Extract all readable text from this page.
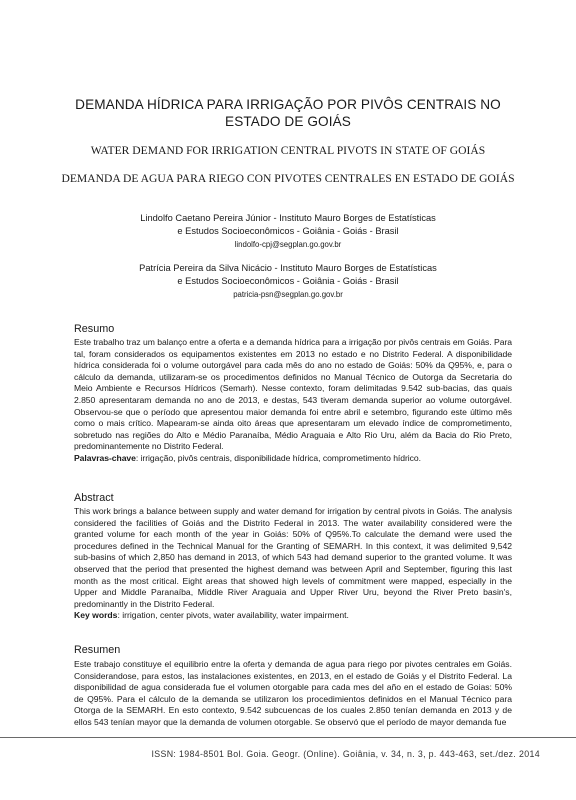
DEMANDA HÍDRICA PARA IRRIGAÇÃO POR PIVÔS CENTRAIS NO ESTADO DE GOIÁS
WATER DEMAND FOR IRRIGATION CENTRAL PIVOTS IN STATE OF GOIÁS
DEMANDA DE AGUA PARA RIEGO CON PIVOTES CENTRALES EN ESTADO DE GOIÁS
Lindolfo Caetano Pereira Júnior - Instituto Mauro Borges de Estatísticas
e Estudos Socioeconômicos - Goiânia - Goiás - Brasil
lindolfo-cpj@segplan.go.gov.br
Patrícia Pereira da Silva Nicácio - Instituto Mauro Borges de Estatísticas
e Estudos Socioeconômicos - Goiânia - Goiás - Brasil
patricia-psn@segplan.go.gov.br
Resumo
Este trabalho traz um balanço entre a oferta e a demanda hídrica para a irrigação por pivôs centrais em Goiás. Para tal, foram considerados os equipamentos existentes em 2013 no estado e no Distrito Federal. A disponibilidade hídrica considerada foi o volume outorgável para cada mês do ano no estado de Goiás: 50% da Q95%, e, para o cálculo da demanda, utilizaram-se os procedimentos definidos no Manual Técnico de Outorga da Secretaria do Meio Ambiente e Recursos Hídricos (Semarh). Nesse contexto, foram delimitadas 9.542 sub-bacias, das quais 2.850 apresentaram demanda no ano de 2013, e destas, 543 tiveram demanda superior ao volume outorgável. Observou-se que o período que apresentou maior demanda foi entre abril e setembro, figurando este último mês como o mais crítico. Mapearam-se ainda oito áreas que apresentaram um elevado índice de comprometimento, sobretudo nas regiões do Alto e Médio Paranaíba, Médio Araguaia e Alto Rio Uru, além da Bacia do Rio Preto, predominantemente no Distrito Federal.
Palavras-chave: irrigação, pivôs centrais, disponibilidade hídrica, comprometimento hídrico.
Abstract
This work brings a balance between supply and water demand for irrigation by central pivots in Goiás. The analysis considered the facilities of Goiás and the Distrito Federal in 2013. The water availability considered were the granted volume for each month of the year in Goiás: 50% of Q95%.To calculate the demand were used the procedures defined in the Technical Manual for the Granting of SEMARH. In this context, it was delimited 9,542 sub-basins of which 2,850 has demand in 2013, of which 543 had demand superior to the granted volume. It was observed that the period that presented the highest demand was between April and September, figuring this last month as the most critical. Eight areas that showed high levels of commitment were mapped, especially in the Upper and Middle Paranaíba, Middle River Araguaia and Upper River Uru, beyond the River Preto basin's, predominantly in the Distrito Federal.
Key words: irrigation, center pivots, water availability, water impairment.
Resumen
Este trabajo constituye el equilibrio entre la oferta y demanda de agua para riego por pivotes centrales em Goiás. Considerandose, para estos, las instalaciones existentes, en 2013, en el estado de Goiás y el Distrito Federal. La disponibilidad de agua considerada fue el volumen otorgable para cada mes del año en el estado de Goias: 50% de Q95%. Para el cálculo de la demanda se utilizaron los procedimientos definidos en el Manual Técnico para Otorga de la SEMARH. En esto contexto, 9.542 subcuencas de los cuales 2.850 tenían demanda en 2013 y de ellos 543 tenían mayor que la demanda de volumen otorgable. Se observó que el período de mayor demanda fue
ISSN: 1984-8501 Bol. Goia. Geogr. (Online). Goiânia, v. 34, n. 3, p. 443-463, set./dez. 2014
